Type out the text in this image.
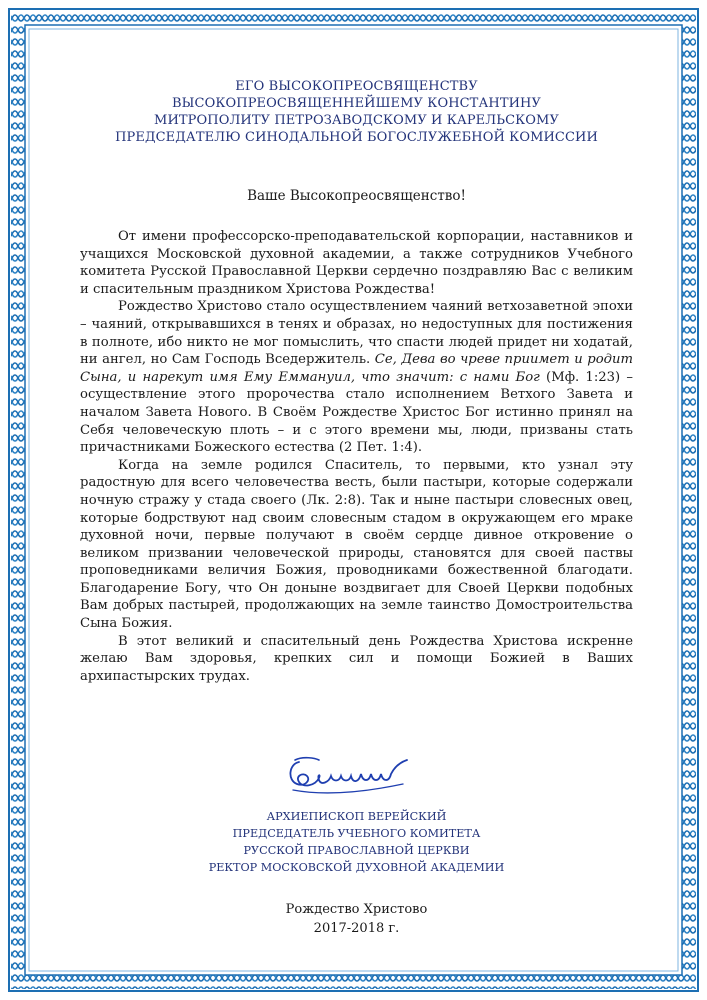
ЕГО ВЫСОКОПРЕОСВЯЩЕНСТВУ
ВЫСОКОПРЕОСВЯЩЕННЕЙШЕМУ КОНСТАНТИНУ
МИТРОПОЛИТУ ПЕТРОЗАВОДСКОМУ И КАРЕЛЬСКОМУ
ПРЕДСЕДАТЕЛЮ СИНОДАЛЬНОЙ БОГОСЛУЖЕБНОЙ КОМИССИИ
Ваше Высокопреосвященство!

От имени профессорско-преподавательской корпорации, наставников и учащихся Московской духовной академии, а также сотрудников Учебного комитета Русской Православной Церкви сердечно поздравляю Вас с великим и спасительным праздником Христова Рождества!

Рождество Христово стало осуществлением чаяний ветхозаветной эпохи – чаяний, открывавшихся в тенях и образах, но недоступных для постижения в полноте, ибо никто не мог помыслить, что спасти людей придет ни ходатай, ни ангел, но Сам Господь Вседержитель. Се, Дева во чреве приимет и родит Сына, и нарекут имя Ему Еммануил, что значит: с нами Бог (Мф. 1:23) – осуществление этого пророчества стало исполнением Ветхого Завета и началом Завета Нового. В Своём Рождестве Христос Бог истинно принял на Себя человеческую плоть – и с этого времени мы, люди, призваны стать причастниками Божеского естества (2 Пет. 1:4).

Когда на земле родился Спаситель, то первыми, кто узнал эту радостную для всего человечества весть, были пастыри, которые содержали ночную стражу у стада своего (Лк. 2:8). Так и ныне пастыри словесных овец, которые бодрствуют над своим словесным стадом в окружающем его мраке духовной ночи, первые получают в своём сердце дивное откровение о великом призвании человеческой природы, становятся для своей паствы проповедниками величия Божия, проводниками божественной благодати. Благодарение Богу, что Он доныне воздвигает для Своей Церкви подобных Вам добрых пастырей, продолжающих на земле таинство Домостроительства Сына Божия.

В этот великий и спасительный день Рождества Христова искренне желаю Вам здоровья, крепких сил и помощи Божией в Ваших архипастырских трудах.

АРХИЕПИСКОП ВЕРЕЙСКИЙ
ПРЕДСЕДАТЕЛЬ УЧЕБНОГО КОМИТЕТА
РУССКОЙ ПРАВОСЛАВНОЙ ЦЕРКВИ
РЕКТОР МОСКОВСКОЙ ДУХОВНОЙ АКАДЕМИИ
Рождество Христово
2017-2018 г.
